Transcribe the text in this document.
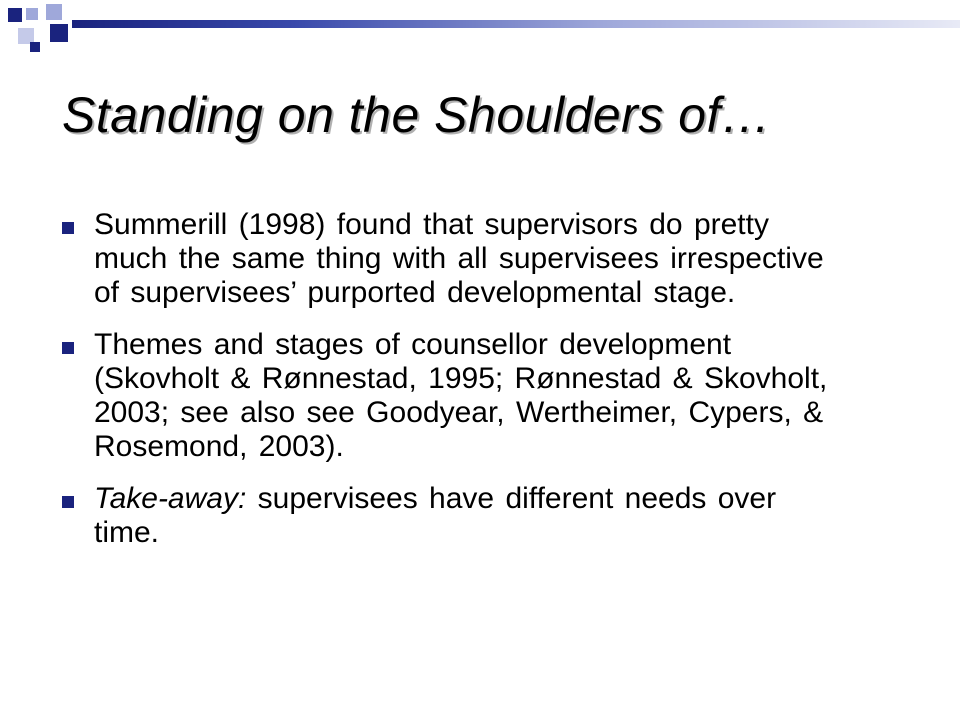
Standing on the Shoulders of…
Summerill (1998) found that supervisors do pretty much the same thing with all supervisees irrespective of supervisees’ purported developmental stage.
Themes and stages of counsellor development (Skovholt & Rønnestad, 1995; Rønnestad & Skovholt, 2003; see also see Goodyear, Wertheimer, Cypers, & Rosemond, 2003).
Take-away: supervisees have different needs over time.
